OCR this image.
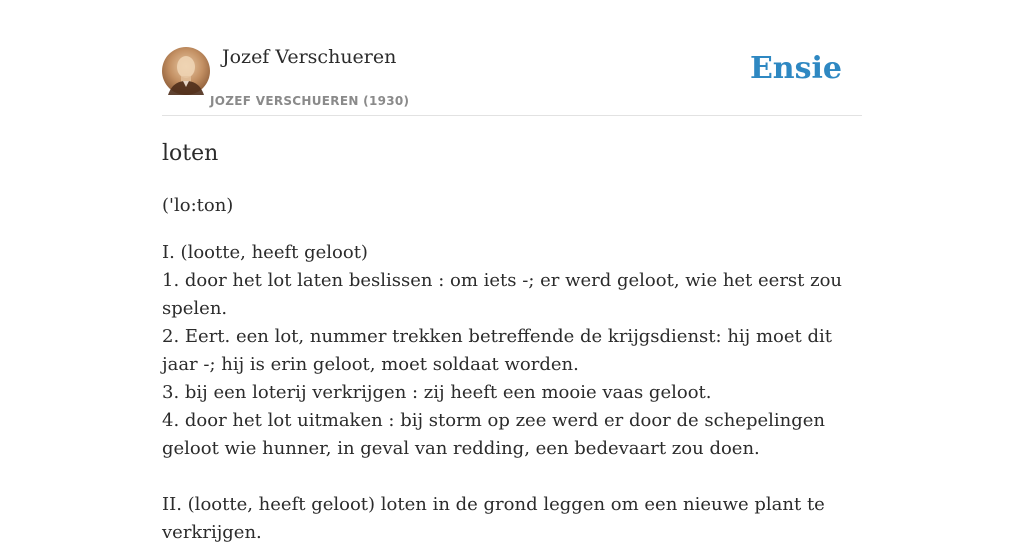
Jozef Verschueren
JOZEF VERSCHUEREN (1930)
Ensie
loten
('lo:ton)

I. (lootte, heeft geloot)

1. door het lot laten beslissen : om iets -; er werd geloot, wie het eerst zou spelen.

2. Eert. een lot, nummer trekken betreffende de krijgsdienst: hij moet dit jaar -; hij is erin geloot, moet soldaat worden.

3. bij een loterij verkrijgen : zij heeft een mooie vaas geloot.

4. door het lot uitmaken : bij storm op zee werd er door de schepelingen geloot wie hunner, in geval van redding, een bedevaart zou doen.

II. (lootte, heeft geloot) loten in de grond leggen om een nieuwe plant te verkrijgen.
